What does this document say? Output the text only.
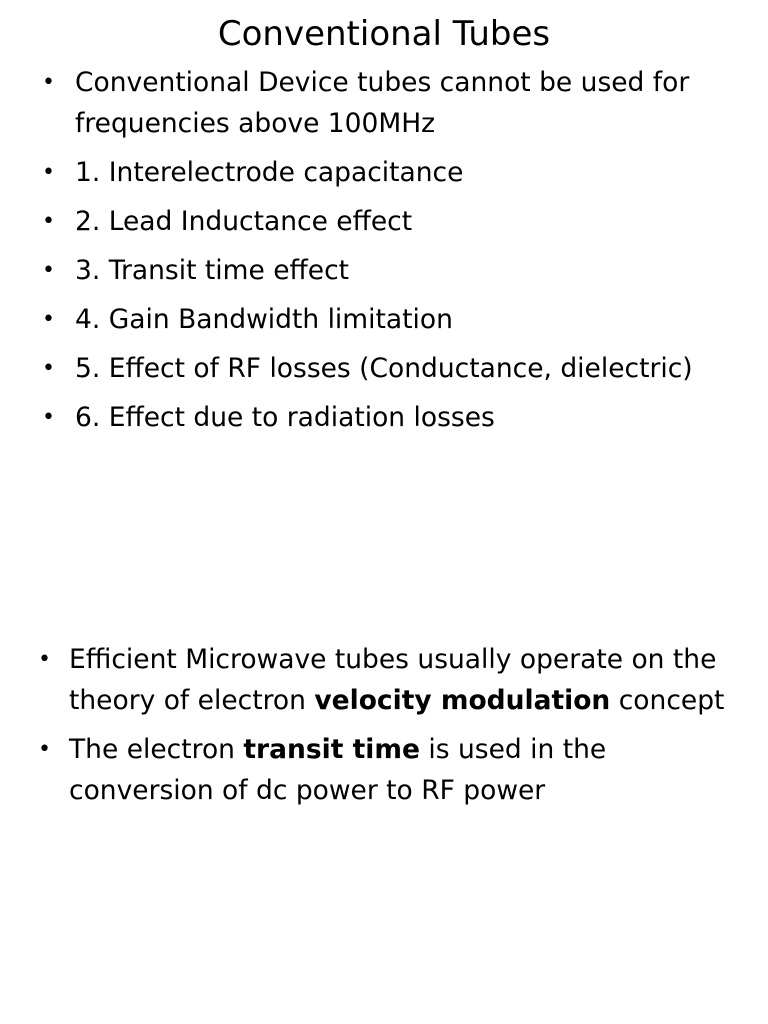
Conventional Tubes
• Conventional Device tubes cannot be used for frequencies above 100MHz
• 1. Interelectrode capacitance
• 2. Lead Inductance effect
• 3. Transit time effect
• 4. Gain Bandwidth limitation
• 5. Effect of RF losses (Conductance, dielectric)
• 6. Effect due to radiation losses
• Efficient Microwave tubes usually operate on the theory of electron velocity modulation concept
• The electron transit time is used in the conversion of dc power to RF power
